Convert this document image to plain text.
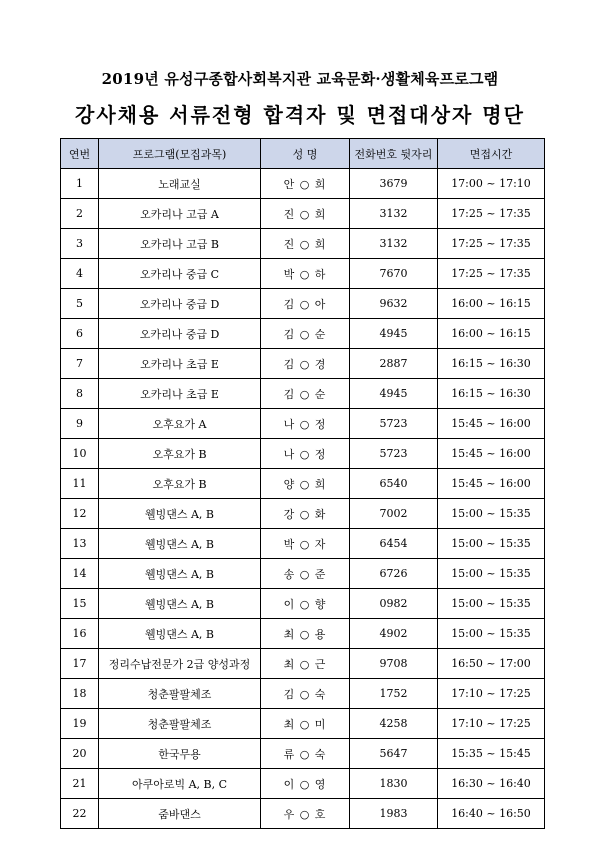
2019년 유성구종합사회복지관 교육문화·생활체육프로그램
강사채용 서류전형 합격자 및 면접대상자 명단
연번	프로그램(모집과목)	성 명	전화번호 뒷자리	면접시간
1	노래교실	안 ○ 희	3679	17:00 ~ 17:10
2	오카리나 고급 A	진 ○ 희	3132	17:25 ~ 17:35
3	오카리나 고급 B	진 ○ 희	3132	17:25 ~ 17:35
4	오카리나 중급 C	박 ○ 하	7670	17:25 ~ 17:35
5	오카리나 중급 D	김 ○ 아	9632	16:00 ~ 16:15
6	오카리나 중급 D	김 ○ 순	4945	16:00 ~ 16:15
7	오카리나 초급 E	김 ○ 경	2887	16:15 ~ 16:30
8	오카리나 초급 E	김 ○ 순	4945	16:15 ~ 16:30
9	오후요가 A	나 ○ 정	5723	15:45 ~ 16:00
10	오후요가 B	나 ○ 정	5723	15:45 ~ 16:00
11	오후요가 B	양 ○ 희	6540	15:45 ~ 16:00
12	웰빙댄스 A, B	강 ○ 화	7002	15:00 ~ 15:35
13	웰빙댄스 A, B	박 ○ 자	6454	15:00 ~ 15:35
14	웰빙댄스 A, B	송 ○ 준	6726	15:00 ~ 15:35
15	웰빙댄스 A, B	이 ○ 향	0982	15:00 ~ 15:35
16	웰빙댄스 A, B	최 ○ 용	4902	15:00 ~ 15:35
17	정리수납전문가 2급 양성과정	최 ○ 근	9708	16:50 ~ 17:00
18	청춘팔팔체조	김 ○ 숙	1752	17:10 ~ 17:25
19	청춘팔팔체조	최 ○ 미	4258	17:10 ~ 17:25
20	한국무용	류 ○ 숙	5647	15:35 ~ 15:45
21	아쿠아로빅 A, B, C	이 ○ 영	1830	16:30 ~ 16:40
22	줌바댄스	우 ○ 호	1983	16:40 ~ 16:50
